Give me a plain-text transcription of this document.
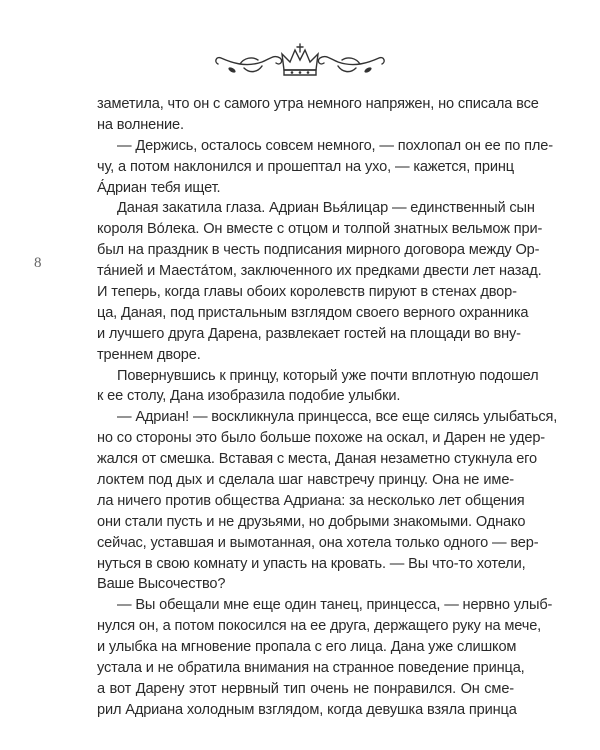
8
заметила, что он с самого утра немного напряжен, но списала все
на волнение.
— Держись, осталось совсем немного, — похлопал он ее по пле-
чу, а потом наклонился и прошептал на ухо, — кажется, принц
А́дриан тебя ищет.
Даная закатила глаза. Адриан Вья́лицар — единственный сын
короля Во́лека. Он вместе с отцом и толпой знатных вельмож при-
был на праздник в честь подписания мирного договора между Ор-
та́нией и Маеста́том, заключенного их предками двести лет назад.
И теперь, когда главы обоих королевств пируют в стенах двор-
ца, Даная, под пристальным взглядом своего верного охранника
и лучшего друга Дарена, развлекает гостей на площади во вну-
треннем дворе.
Повернувшись к принцу, который уже почти вплотную подошел
к ее столу, Дана изобразила подобие улыбки.
— Адриан! — воскликнула принцесса, все еще силясь улыбаться,
но со стороны это было больше похоже на оскал, и Дарен не удер-
жался от смешка. Вставая с места, Даная незаметно стукнула его
локтем под дых и сделала шаг навстречу принцу. Она не име-
ла ничего против общества Адриана: за несколько лет общения
они стали пусть и не друзьями, но добрыми знакомыми. Однако
сейчас, уставшая и вымотанная, она хотела только одного — вер-
нуться в свою комнату и упасть на кровать. — Вы что-то хотели,
Ваше Высочество?
— Вы обещали мне еще один танец, принцесса, — нервно улыб-
нулся он, а потом покосился на ее друга, держащего руку на мече,
и улыбка на мгновение пропала с его лица. Дана уже слишком
устала и не обратила внимания на странное поведение принца,
а вот Дарену этот нервный тип очень не понравился. Он сме-
рил Адриана холодным взглядом, когда девушка взяла принца
